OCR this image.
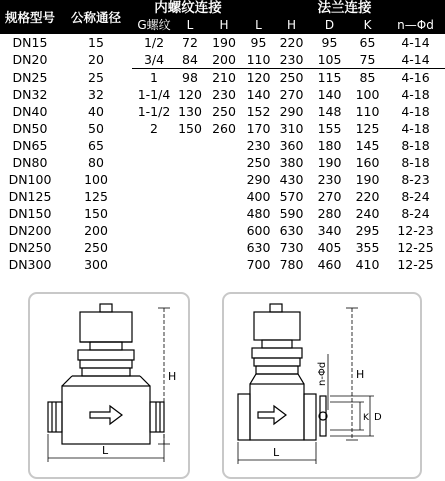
规格型号	公称通径	内螺纹连接			法兰连接				
		G螺纹	L	H	L	H	D	K	n—Φd
DN15	15	1/2	72	190	95	220	95	65	4-14
DN20	20	3/4	84	200	110	230	105	75	4-14
DN25	25	1	98	210	120	250	115	85	4-16
DN32	32	1-1/4	120	230	140	270	140	100	4-18
DN40	40	1-1/2	130	250	152	290	148	110	4-18
DN50	50	2	150	260	170	310	155	125	4-18
DN65	65				230	360	180	145	8-18
DN80	80				250	380	190	160	8-18
DN100	100				290	430	230	190	8-23
DN125	125				400	570	270	220	8-24
DN150	150				480	590	280	240	8-24
DN200	200				600	630	340	295	12-23
DN250	250				630	730	405	355	12-25
DN300	300				700	780	460	410	12-25
H
L
H
n-Φd
D
K
L
